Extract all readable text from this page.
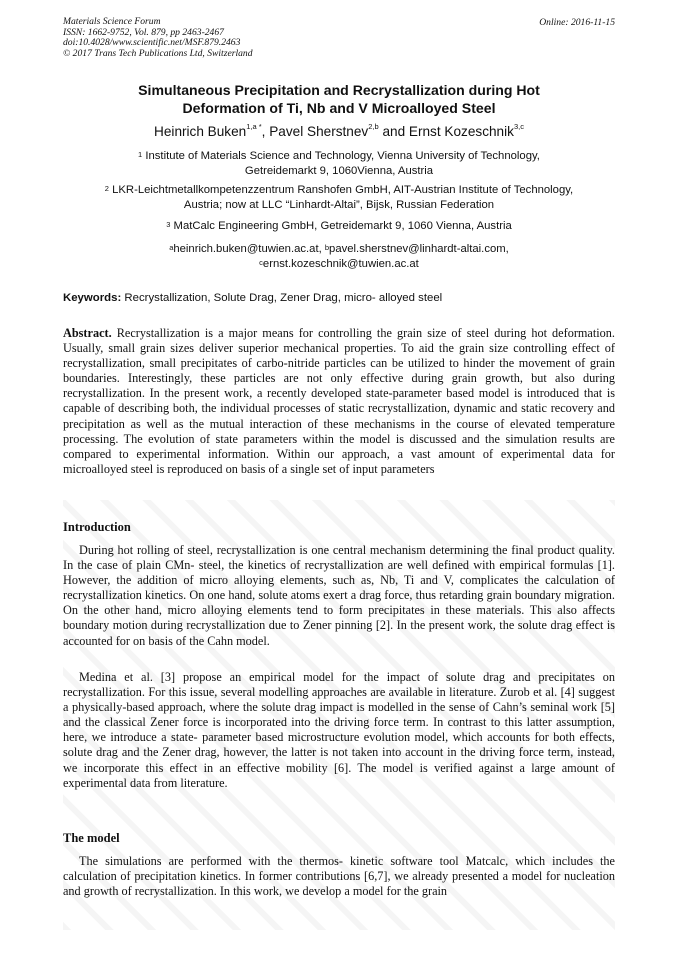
Materials Science Forum
ISSN: 1662-9752, Vol. 879, pp 2463-2467
doi:10.4028/www.scientific.net/MSF.879.2463
© 2017 Trans Tech Publications Ltd, Switzerland
Online: 2016-11-15
Simultaneous Precipitation and Recrystallization during Hot
Deformation of Ti, Nb and V Microalloyed Steel
Heinrich Buken$^{1,a *}$, Pavel Sherstnev$^{2,b}$ and Ernst Kozeschnik$^{3,c}$
$^1$ Institute of Materials Science and Technology, Vienna University of Technology,
Getreidemarkt 9, 1060Vienna, Austria
$^2$ LKR-Leichtmetallkompetenzzentrum Ranshofen GmbH, AIT-Austrian Institute of Technology,
Austria; now at LLC “Linhardt-Altai”, Bijsk, Russian Federation
$^3$ MatCalc Engineering GmbH, Getreidemarkt 9, 1060 Vienna, Austria
$^a$heinrich.buken@tuwien.ac.at, $^b$pavel.sherstnev@linhardt-altai.com,
$^c$ernst.kozeschnik@tuwien.ac.at
Keywords: Recrystallization, Solute Drag, Zener Drag, micro- alloyed steel
Abstract. Recrystallization is a major means for controlling the grain size of steel during hot deformation. Usually, small grain sizes deliver superior mechanical properties. To aid the grain size controlling effect of recrystallization, small precipitates of carbo-nitride particles can be utilized to hinder the movement of grain boundaries. Interestingly, these particles are not only effective during grain growth, but also during recrystallization. In the present work, a recently developed state-parameter based model is introduced that is capable of describing both, the individual processes of static recrystallization, dynamic and static recovery and precipitation as well as the mutual interaction of these mechanisms in the course of elevated temperature processing. The evolution of state parameters within the model is discussed and the simulation results are compared to experimental information. Within our approach, a vast amount of experimental data for microalloyed steel is reproduced on basis of a single set of input parameters
Introduction
During hot rolling of steel, recrystallization is one central mechanism determining the final product quality. In the case of plain CMn- steel, the kinetics of recrystallization are well defined with empirical formulas [1]. However, the addition of micro alloying elements, such as, Nb, Ti and V, complicates the calculation of recrystallization kinetics. On one hand, solute atoms exert a drag force, thus retarding grain boundary migration. On the other hand, micro alloying elements tend to form precipitates in these materials. This also affects boundary motion during recrystallization due to Zener pinning [2]. In the present work, the solute drag effect is accounted for on basis of the Cahn model.
Medina et al. [3] propose an empirical model for the impact of solute drag and precipitates on recrystallization. For this issue, several modelling approaches are available in literature. Zurob et al. [4] suggest a physically-based approach, where the solute drag impact is modelled in the sense of Cahn’s seminal work [5] and the classical Zener force is incorporated into the driving force term. In contrast to this latter assumption, here, we introduce a state- parameter based microstructure evolution model, which accounts for both effects, solute drag and the Zener drag, however, the latter is not taken into account in the driving force term, instead, we incorporate this effect in an effective mobility [6]. The model is verified against a large amount of experimental data from literature.
The model
The simulations are performed with the thermos- kinetic software tool Matcalc, which includes the calculation of precipitation kinetics. In former contributions [6,7], we already presented a model for nucleation and growth of recrystallization. In this work, we develop a model for the grain
